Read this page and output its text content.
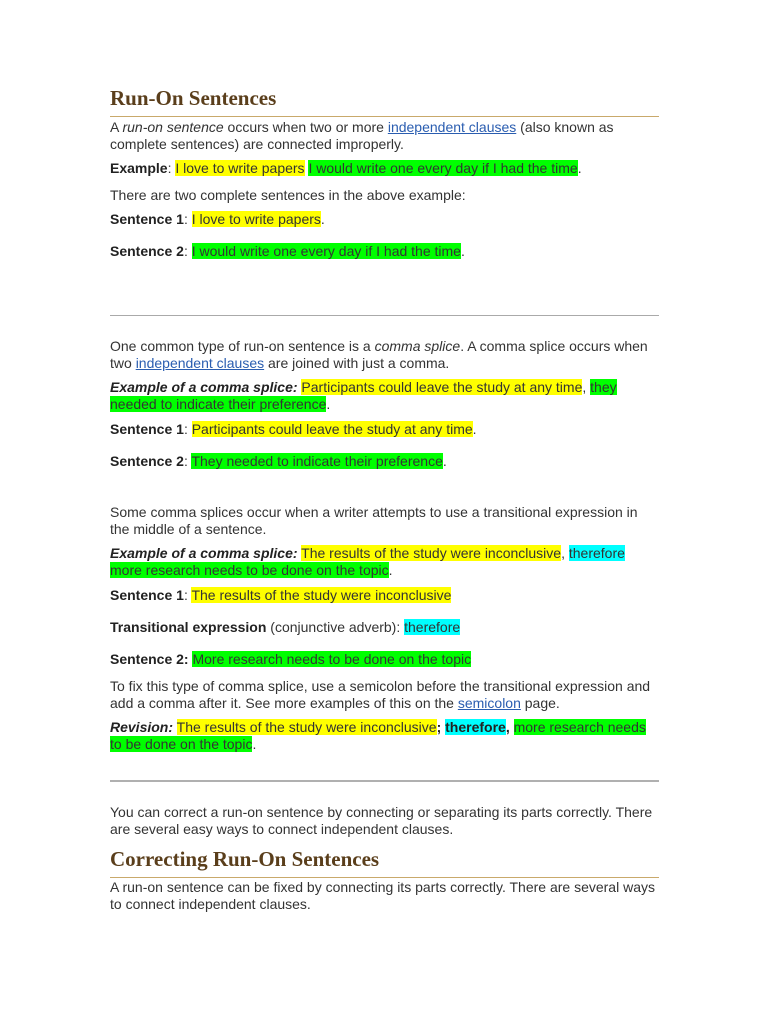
Run-On Sentences

A run-on sentence occurs when two or more independent clauses (also known as complete sentences) are connected improperly.

Example: I love to write papers I would write one every day if I had the time.

There are two complete sentences in the above example:

Sentence 1: I love to write papers.

Sentence 2: I would write one every day if I had the time.

One common type of run-on sentence is a comma splice. A comma splice occurs when two independent clauses are joined with just a comma.

Example of a comma splice: Participants could leave the study at any time, they needed to indicate their preference.

Sentence 1: Participants could leave the study at any time.

Sentence 2: They needed to indicate their preference.

Some comma splices occur when a writer attempts to use a transitional expression in the middle of a sentence.

Example of a comma splice: The results of the study were inconclusive, therefore more research needs to be done on the topic.

Sentence 1: The results of the study were inconclusive

Transitional expression (conjunctive adverb): therefore

Sentence 2: More research needs to be done on the topic

To fix this type of comma splice, use a semicolon before the transitional expression and add a comma after it. See more examples of this on the semicolon page.

Revision: The results of the study were inconclusive; therefore, more research needs to be done on the topic.

You can correct a run-on sentence by connecting or separating its parts correctly. There are several easy ways to connect independent clauses.

Correcting Run-On Sentences

A run-on sentence can be fixed by connecting its parts correctly. There are several ways to connect independent clauses.
